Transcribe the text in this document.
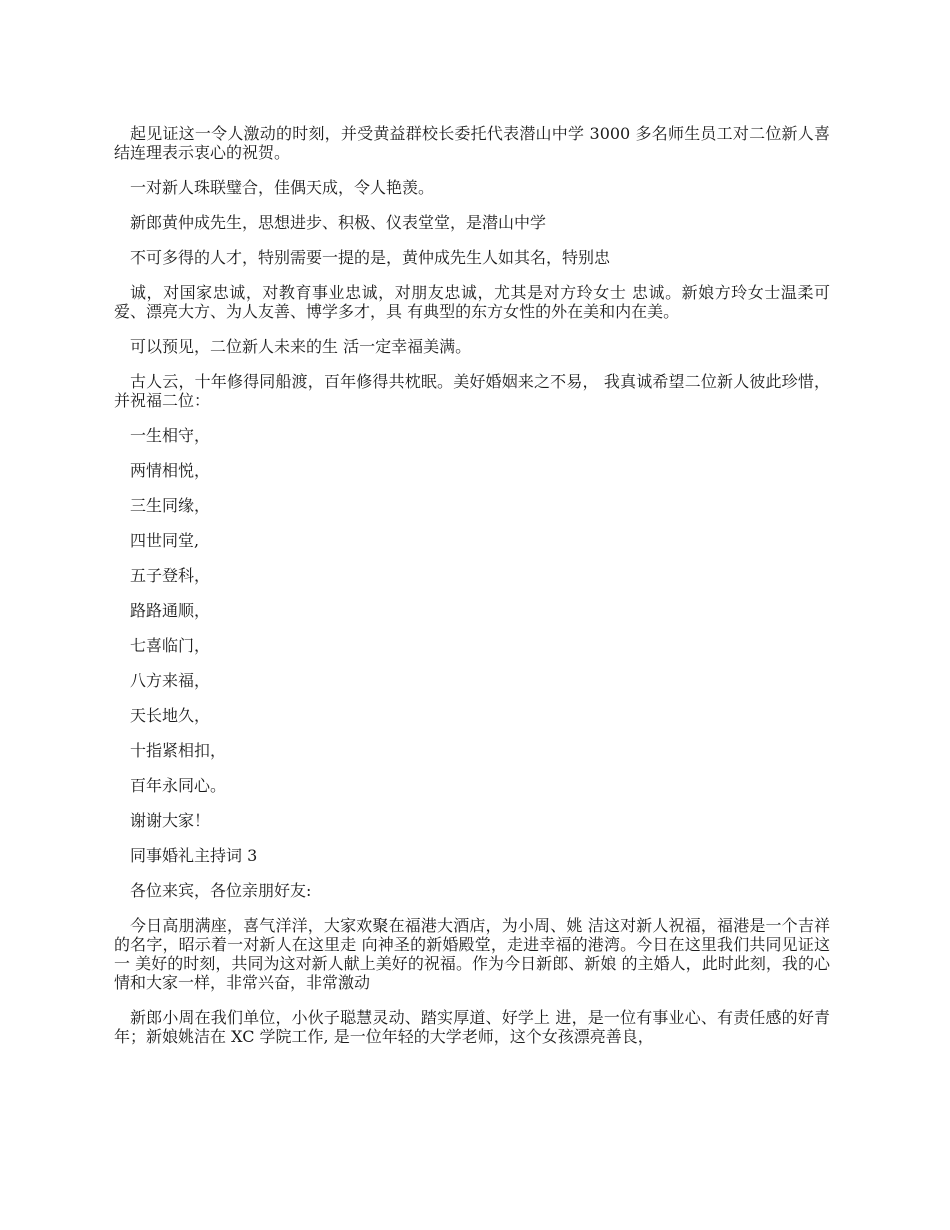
起见证这一令人激动的时刻，并受黄益群校长委托代表潜山中学 3000 多名师生员工对二位新人喜结连理表示衷心的祝贺。

一对新人珠联璧合，佳偶天成，令人艳羡。

新郎黄仲成先生，思想进步、积极、仪表堂堂，是潜山中学

不可多得的人才，特别需要一提的是，黄仲成先生人如其名，特别忠

诚，对国家忠诚，对教育事业忠诚，对朋友忠诚，尤其是对方玲女士 忠诚。新娘方玲女士温柔可爱、漂亮大方、为人友善、博学多才，具 有典型的东方女性的外在美和内在美。

可以预见，二位新人未来的生 活一定幸福美满。

古人云，十年修得同船渡，百年修得共枕眠。美好婚姻来之不易， 我真诚希望二位新人彼此珍惜，并祝福二位：

一生相守，

两情相悦，

三生同缘，

四世同堂,

五子登科，

路路通顺，

七喜临门，

八方来福，

天长地久，

十指紧相扣，

百年永同心。

谢谢大家！

同事婚礼主持词 3

各位来宾，各位亲朋好友:

今日高朋满座，喜气洋洋，大家欢聚在福港大酒店，为小周、姚 洁这对新人祝福，福港是一个吉祥的名字，昭示着一对新人在这里走 向神圣的新婚殿堂，走进幸福的港湾。今日在这里我们共同见证这一 美好的时刻，共同为这对新人献上美好的祝福。作为今日新郎、新娘 的主婚人，此时此刻，我的心情和大家一样，非常兴奋，非常激动

新郎小周在我们单位，小伙子聪慧灵动、踏实厚道、好学上 进，是一位有事业心、有责任感的好青年；新娘姚洁在 XC 学院工作, 是一位年轻的大学老师，这个女孩漂亮善良，
